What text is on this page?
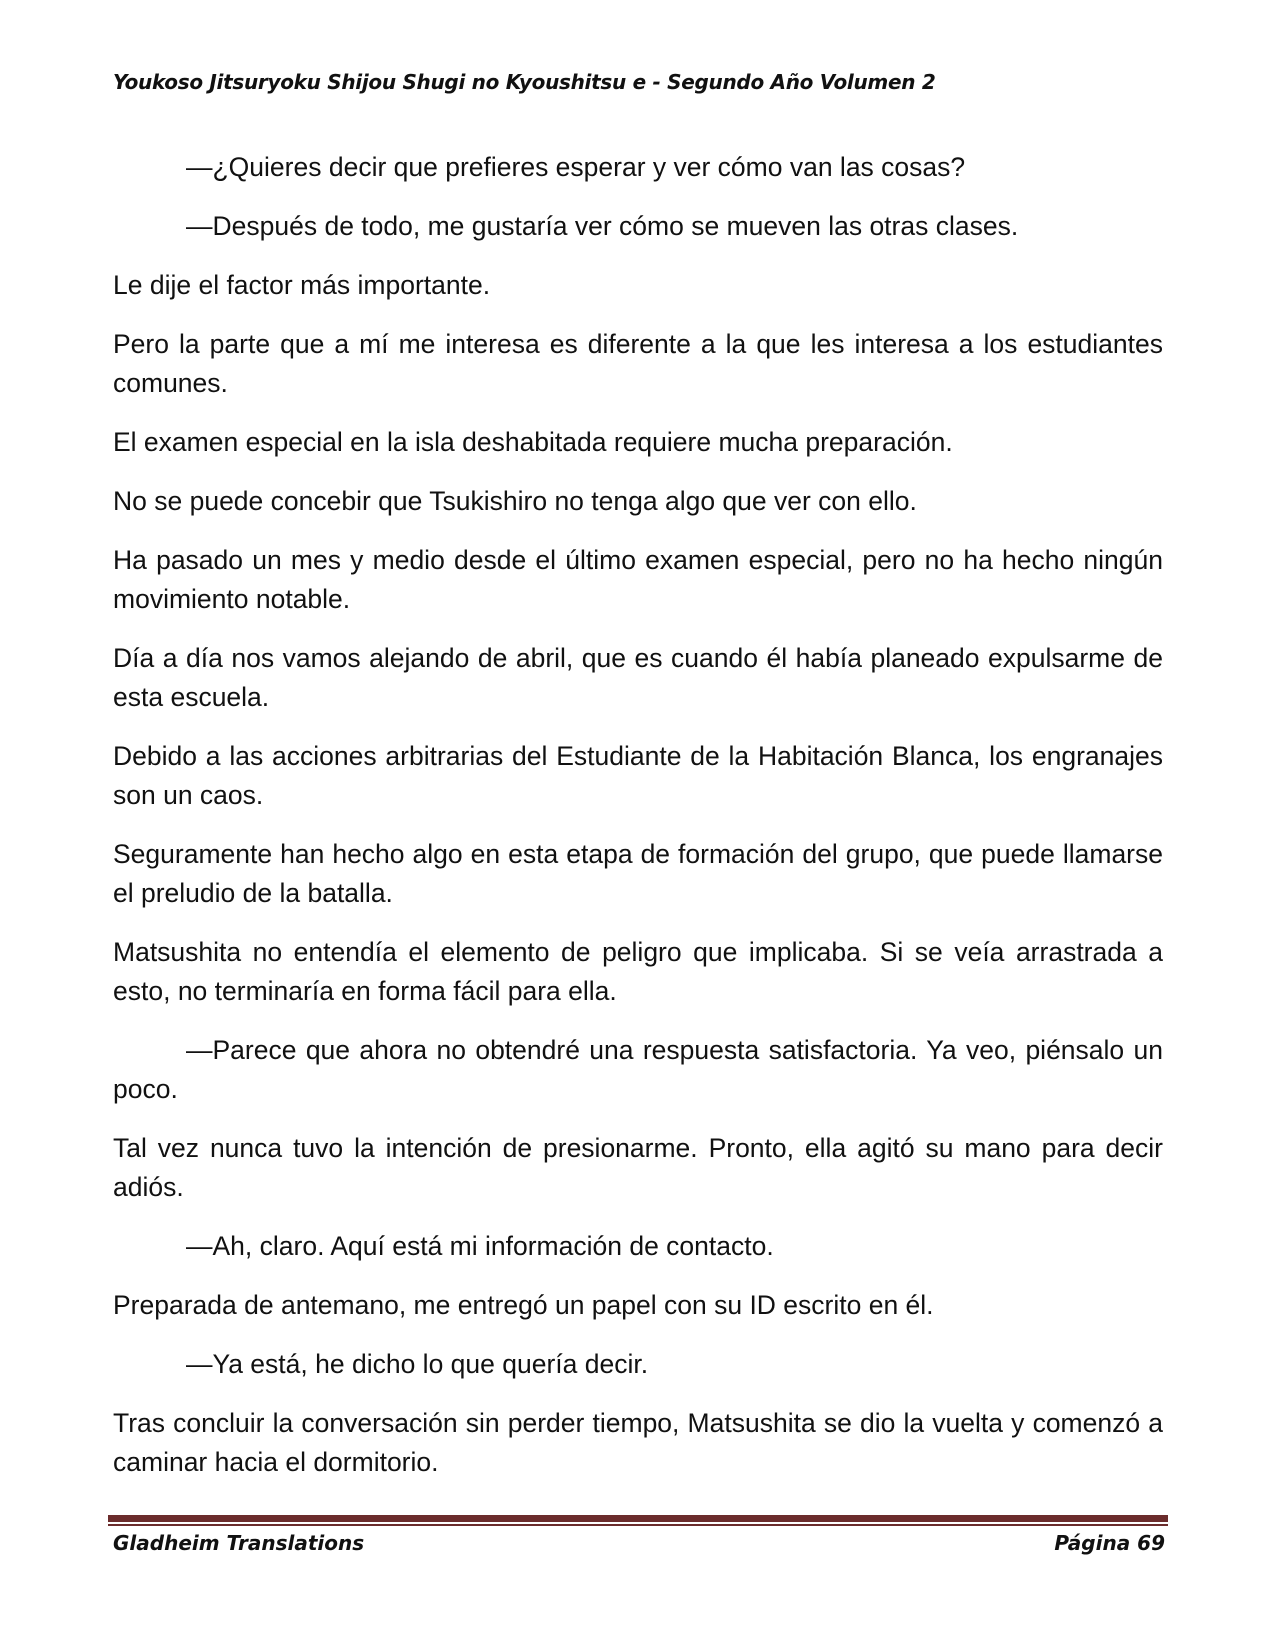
Youkoso Jitsuryoku Shijou Shugi no Kyoushitsu e - Segundo Año Volumen 2

—¿Quieres decir que prefieres esperar y ver cómo van las cosas?

—Después de todo, me gustaría ver cómo se mueven las otras clases.

Le dije el factor más importante.

Pero la parte que a mí me interesa es diferente a la que les interesa a los estudiantes comunes.

El examen especial en la isla deshabitada requiere mucha preparación.

No se puede concebir que Tsukishiro no tenga algo que ver con ello.

Ha pasado un mes y medio desde el último examen especial, pero no ha hecho ningún movimiento notable.

Día a día nos vamos alejando de abril, que es cuando él había planeado expulsarme de esta escuela.

Debido a las acciones arbitrarias del Estudiante de la Habitación Blanca, los engranajes son un caos.

Seguramente han hecho algo en esta etapa de formación del grupo, que puede llamarse el preludio de la batalla.

Matsushita no entendía el elemento de peligro que implicaba. Si se veía arrastrada a esto, no terminaría en forma fácil para ella.

—Parece que ahora no obtendré una respuesta satisfactoria. Ya veo, piénsalo un poco.

Tal vez nunca tuvo la intención de presionarme. Pronto, ella agitó su mano para decir adiós.

—Ah, claro. Aquí está mi información de contacto.

Preparada de antemano, me entregó un papel con su ID escrito en él.

—Ya está, he dicho lo que quería decir.

Tras concluir la conversación sin perder tiempo, Matsushita se dio la vuelta y comenzó a caminar hacia el dormitorio.

Gladheim Translations	Página 69
